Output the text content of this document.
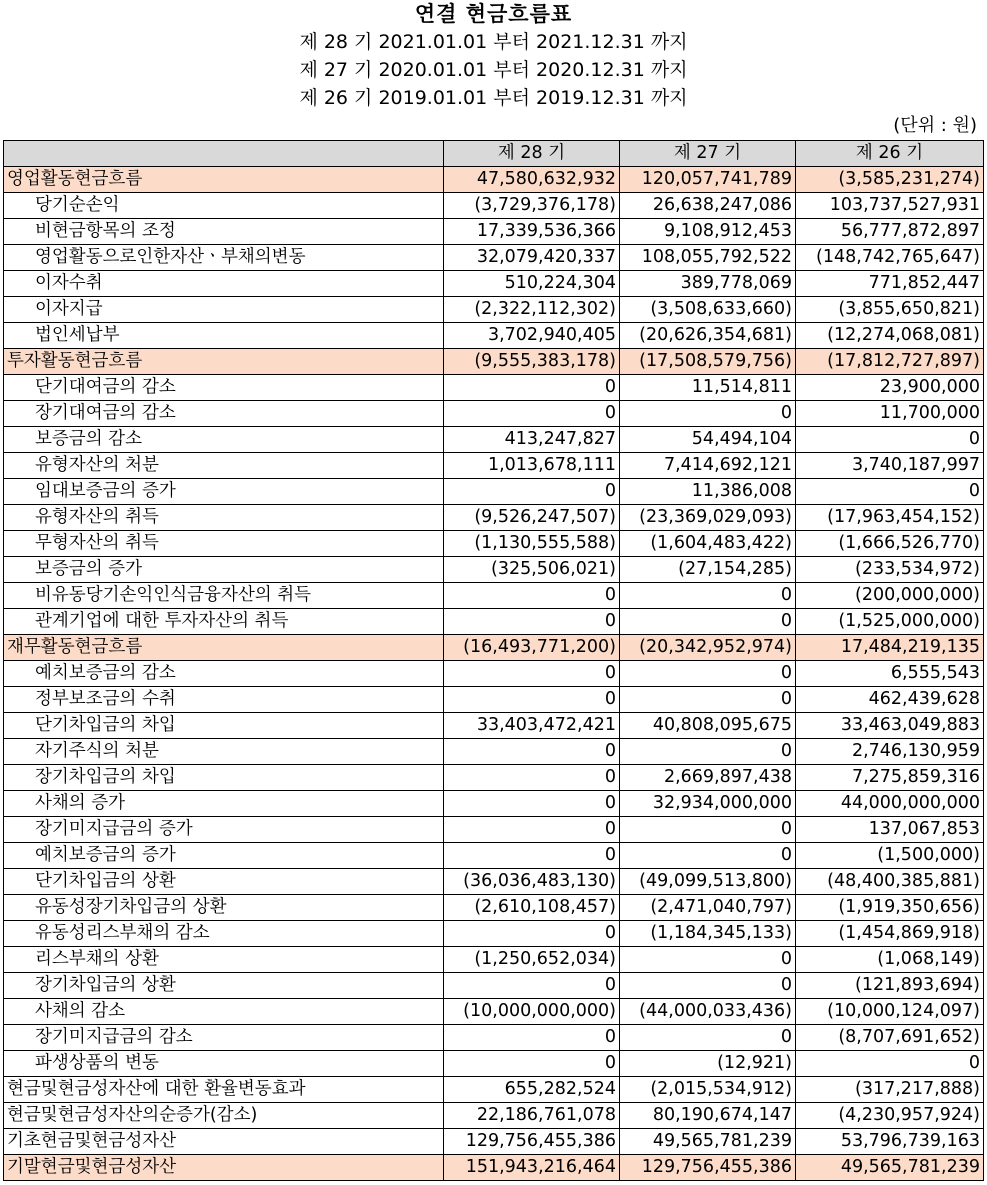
연결 현금흐름표
제 28 기 2021.01.01 부터 2021.12.31 까지
제 27 기 2020.01.01 부터 2020.12.31 까지
제 26 기 2019.01.01 부터 2019.12.31 까지
(단위 : 원)
	제 28 기	제 27 기	제 26 기
영업활동현금흐름	47,580,632,932	120,057,741,789	(3,585,231,274)
당기순손익	(3,729,376,178)	26,638,247,086	103,737,527,931
비현금항목의 조정	17,339,536,366	9,108,912,453	56,777,872,897
영업활동으로인한자산ㆍ부채의변동	32,079,420,337	108,055,792,522	(148,742,765,647)
이자수취	510,224,304	389,778,069	771,852,447
이자지급	(2,322,112,302)	(3,508,633,660)	(3,855,650,821)
법인세납부	3,702,940,405	(20,626,354,681)	(12,274,068,081)
투자활동현금흐름	(9,555,383,178)	(17,508,579,756)	(17,812,727,897)
단기대여금의 감소	0	11,514,811	23,900,000
장기대여금의 감소	0	0	11,700,000
보증금의 감소	413,247,827	54,494,104	0
유형자산의 처분	1,013,678,111	7,414,692,121	3,740,187,997
임대보증금의 증가	0	11,386,008	0
유형자산의 취득	(9,526,247,507)	(23,369,029,093)	(17,963,454,152)
무형자산의 취득	(1,130,555,588)	(1,604,483,422)	(1,666,526,770)
보증금의 증가	(325,506,021)	(27,154,285)	(233,534,972)
비유동당기손익인식금융자산의 취득	0	0	(200,000,000)
관계기업에 대한 투자자산의 취득	0	0	(1,525,000,000)
재무활동현금흐름	(16,493,771,200)	(20,342,952,974)	17,484,219,135
예치보증금의 감소	0	0	6,555,543
정부보조금의 수취	0	0	462,439,628
단기차입금의 차입	33,403,472,421	40,808,095,675	33,463,049,883
자기주식의 처분	0	0	2,746,130,959
장기차입금의 차입	0	2,669,897,438	7,275,859,316
사채의 증가	0	32,934,000,000	44,000,000,000
장기미지급금의 증가	0	0	137,067,853
예치보증금의 증가	0	0	(1,500,000)
단기차입금의 상환	(36,036,483,130)	(49,099,513,800)	(48,400,385,881)
유동성장기차입금의 상환	(2,610,108,457)	(2,471,040,797)	(1,919,350,656)
유동성리스부채의 감소	0	(1,184,345,133)	(1,454,869,918)
리스부채의 상환	(1,250,652,034)	0	(1,068,149)
장기차입금의 상환	0	0	(121,893,694)
사채의 감소	(10,000,000,000)	(44,000,033,436)	(10,000,124,097)
장기미지급금의 감소	0	0	(8,707,691,652)
파생상품의 변동	0	(12,921)	0
현금및현금성자산에 대한 환율변동효과	655,282,524	(2,015,534,912)	(317,217,888)
현금및현금성자산의순증가(감소)	22,186,761,078	80,190,674,147	(4,230,957,924)
기초현금및현금성자산	129,756,455,386	49,565,781,239	53,796,739,163
기말현금및현금성자산	151,943,216,464	129,756,455,386	49,565,781,239
